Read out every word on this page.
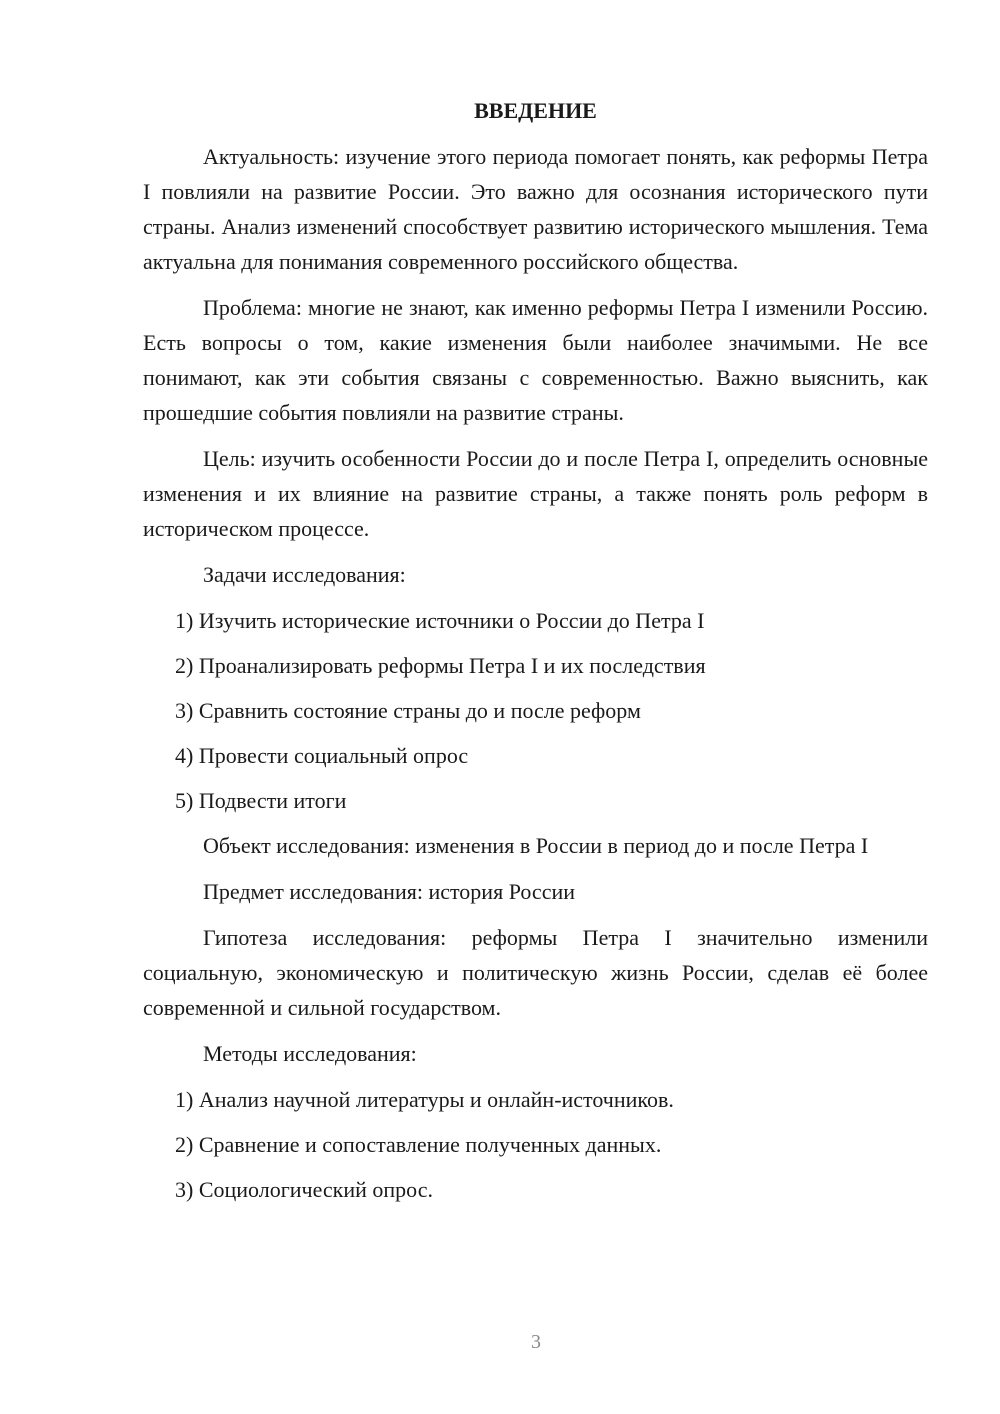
ВВЕДЕНИЕ

Актуальность: изучение этого периода помогает понять, как реформы Петра I повлияли на развитие России. Это важно для осознания исторического пути страны. Анализ изменений способствует развитию исторического мышления. Тема актуальна для понимания современного российского общества.

Проблема: многие не знают, как именно реформы Петра I изменили Россию. Есть вопросы о том, какие изменения были наиболее значимыми. Не все понимают, как эти события связаны с современностью. Важно выяснить, как прошедшие события повлияли на развитие страны.

Цель: изучить особенности России до и после Петра I, определить основные изменения и их влияние на развитие страны, а также понять роль реформ в историческом процессе.

Задачи исследования:

1) Изучить исторические источники о России до Петра I

2) Проанализировать реформы Петра I и их последствия

3) Сравнить состояние страны до и после реформ

4) Провести социальный опрос

5) Подвести итоги

Объект исследования: изменения в России в период до и после Петра I

Предмет исследования: история России

Гипотеза исследования: реформы Петра I значительно изменили социальную, экономическую и политическую жизнь России, сделав её более современной и сильной государством.

Методы исследования:

1) Анализ научной литературы и онлайн-источников.

2) Сравнение и сопоставление полученных данных.

3) Социологический опрос.

3
